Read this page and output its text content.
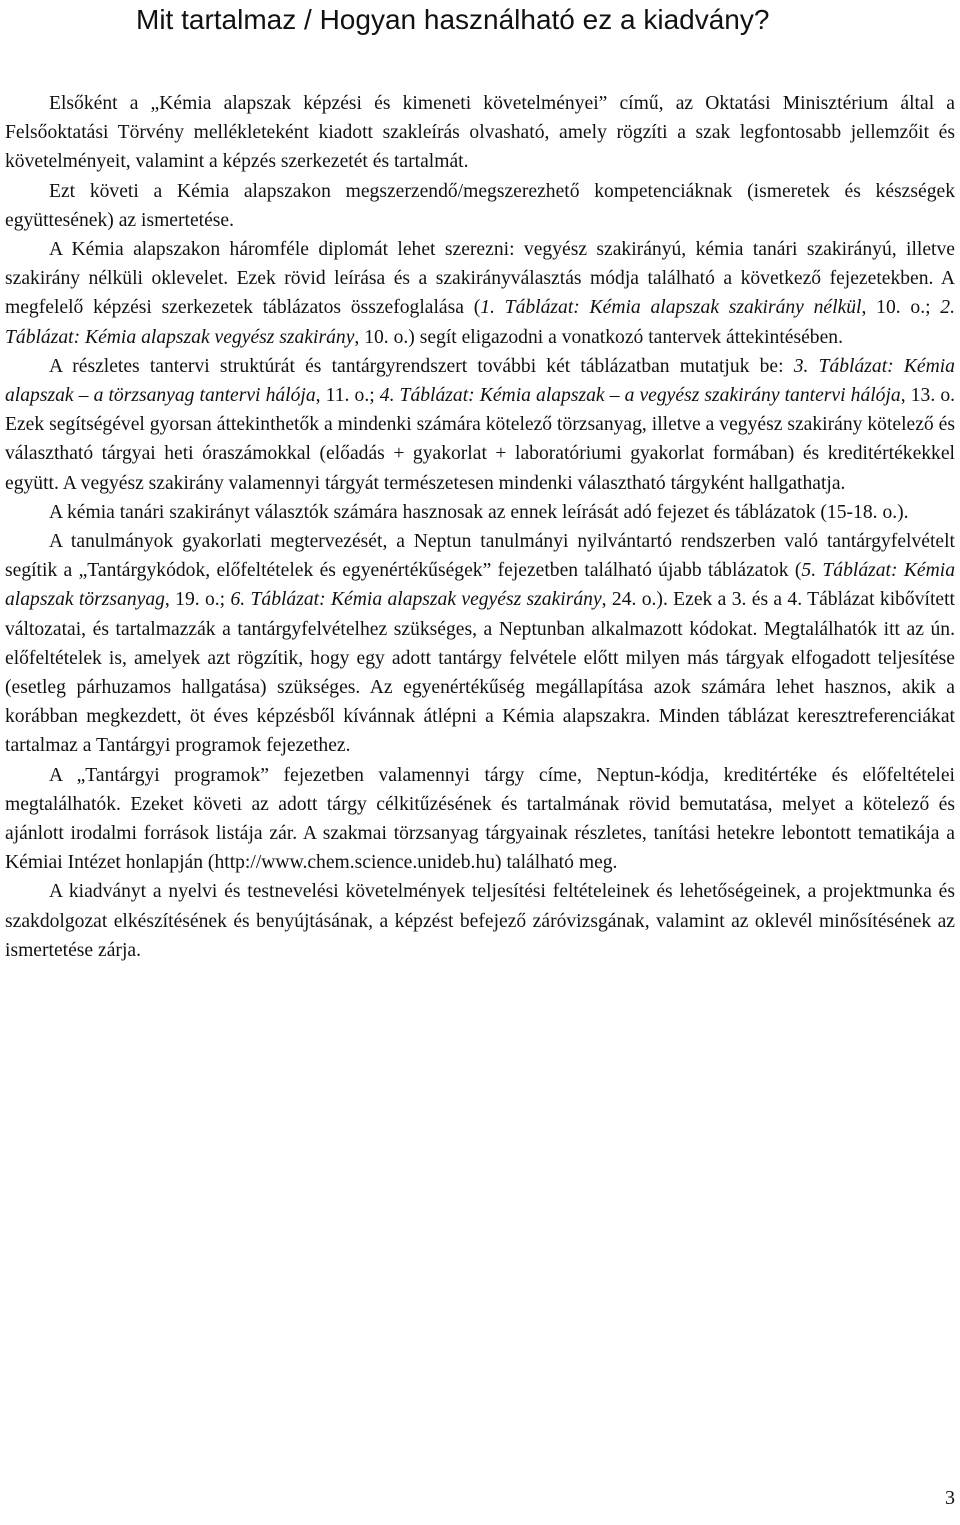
Mit tartalmaz / Hogyan használható ez a kiadvány?

Elsőként a „Kémia alapszak képzési és kimeneti követelményei” című, az Oktatási Minisztérium által a Felsőoktatási Törvény mellékleteként kiadott szakleírás olvasható, amely rögzíti a szak legfontosabb jellemzőit és követelményeit, valamint a képzés szerkezetét és tartalmát.

Ezt követi a Kémia alapszakon megszerzendő/megszerezhető kompetenciáknak (ismeretek és készségek együttesének) az ismertetése.

A Kémia alapszakon háromféle diplomát lehet szerezni: vegyész szakirányú, kémia tanári szakirányú, illetve szakirány nélküli oklevelet. Ezek rövid leírása és a szakirányválasztás módja található a következő fejezetekben. A megfelelő képzési szerkezetek táblázatos összefoglalása (1. Táblázat: Kémia alapszak szakirány nélkül, 10. o.; 2. Táblázat: Kémia alapszak vegyész szakirány, 10. o.) segít eligazodni a vonatkozó tantervek áttekintésében.

A részletes tantervi struktúrát és tantárgyrendszert további két táblázatban mutatjuk be: 3. Táblázat: Kémia alapszak – a törzsanyag tantervi hálója, 11. o.; 4. Táblázat: Kémia alapszak – a vegyész szakirány tantervi hálója, 13. o. Ezek segítségével gyorsan áttekinthetők a mindenki számára kötelező törzsanyag, illetve a vegyész szakirány kötelező és választható tárgyai heti óraszámokkal (előadás + gyakorlat + laboratóriumi gyakorlat formában) és kreditértékekkel együtt. A vegyész szakirány valamennyi tárgyát természetesen mindenki választható tárgyként hallgathatja.

A kémia tanári szakirányt választók számára hasznosak az ennek leírását adó fejezet és táblázatok (15-18. o.).

A tanulmányok gyakorlati megtervezését, a Neptun tanulmányi nyilvántartó rendszerben való tantárgyfelvételt segítik a „Tantárgykódok, előfeltételek és egyenértékűségek” fejezetben található újabb táblázatok (5. Táblázat: Kémia alapszak törzsanyag, 19. o.; 6. Táblázat: Kémia alapszak vegyész szakirány, 24. o.). Ezek a 3. és a 4. Táblázat kibővített változatai, és tartalmazzák a tantárgyfelvételhez szükséges, a Neptunban alkalmazott kódokat. Megtalálhatók itt az ún. előfeltételek is, amelyek azt rögzítik, hogy egy adott tantárgy felvétele előtt milyen más tárgyak elfogadott teljesítése (esetleg párhuzamos hallgatása) szükséges. Az egyenértékűség megállapítása azok számára lehet hasznos, akik a korábban megkezdett, öt éves képzésből kívánnak átlépni a Kémia alapszakra. Minden táblázat keresztreferenciákat tartalmaz a Tantárgyi programok fejezethez.

A „Tantárgyi programok” fejezetben valamennyi tárgy címe, Neptun-kódja, kreditértéke és előfeltételei megtalálhatók. Ezeket követi az adott tárgy célkitűzésének és tartalmának rövid bemutatása, melyet a kötelező és ajánlott irodalmi források listája zár. A szakmai törzsanyag tárgyainak részletes, tanítási hetekre lebontott tematikája a Kémiai Intézet honlapján (http://www.chem.science.unideb.hu) található meg.

A kiadványt a nyelvi és testnevelési követelmények teljesítési feltételeinek és lehetőségeinek, a projektmunka és szakdolgozat elkészítésének és benyújtásának, a képzést befejező záróvizsgának, valamint az oklevél minősítésének az ismertetése zárja.

3
